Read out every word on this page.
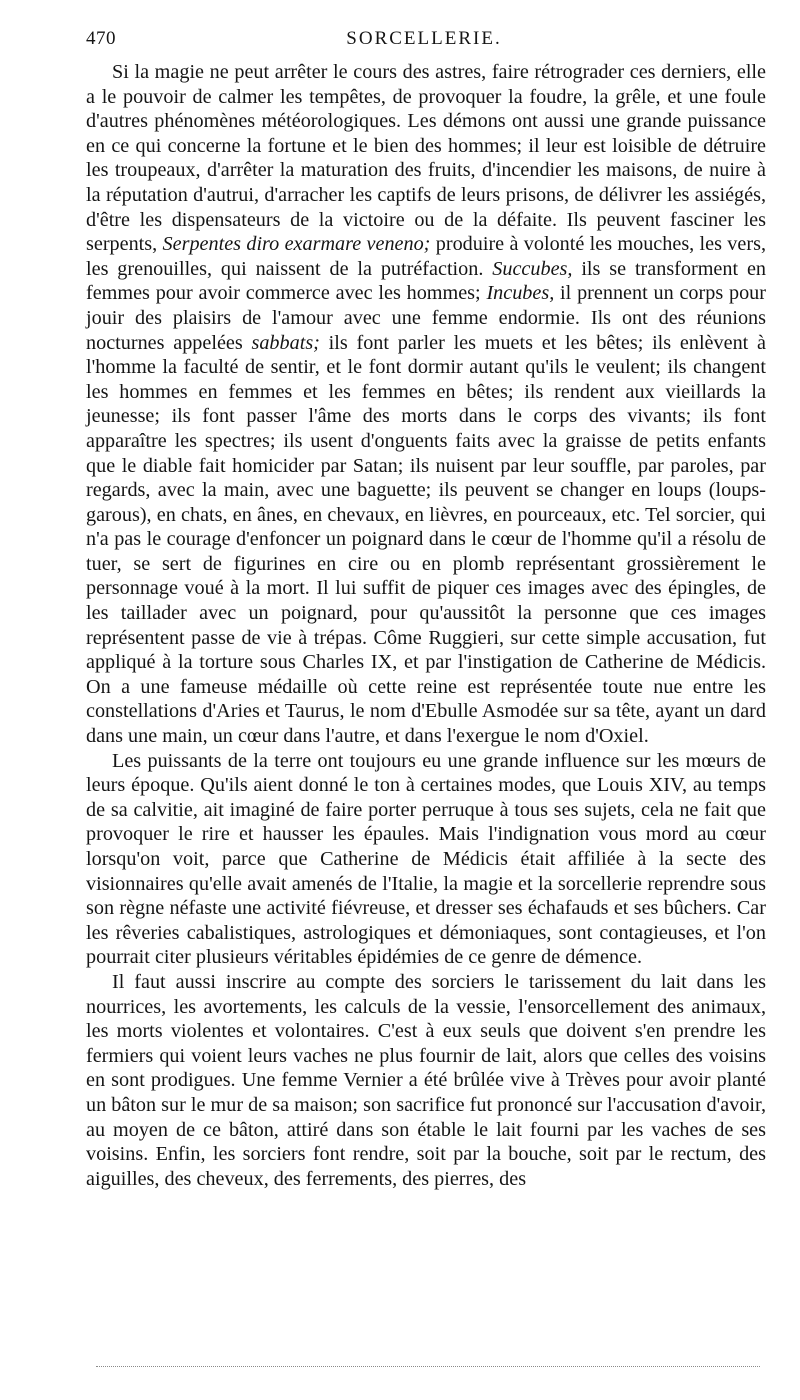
470	SORCELLERIE.

Si la magie ne peut arrêter le cours des astres, faire rétrograder ces derniers, elle a le pouvoir de calmer les tempêtes, de provoquer la foudre, la grêle, et une foule d'autres phénomènes météorologiques. Les démons ont aussi une grande puissance en ce qui concerne la fortune et le bien des hommes; il leur est loisible de détruire les troupeaux, d'arrêter la maturation des fruits, d'incendier les maisons, de nuire à la réputation d'autrui, d'arracher les captifs de leurs prisons, de délivrer les assiégés, d'être les dispensateurs de la victoire ou de la défaite. Ils peuvent fasciner les serpents, Serpentes diro exarmare veneno; produire à volonté les mouches, les vers, les grenouilles, qui naissent de la putréfaction. Succubes, ils se transforment en femmes pour avoir commerce avec les hommes; Incubes, il prennent un corps pour jouir des plaisirs de l'amour avec une femme endormie. Ils ont des réunions nocturnes appelées sabbats; ils font parler les muets et les bêtes; ils enlèvent à l'homme la faculté de sentir, et le font dormir autant qu'ils le veulent; ils changent les hommes en femmes et les femmes en bêtes; ils rendent aux vieillards la jeunesse; ils font passer l'âme des morts dans le corps des vivants; ils font apparaître les spectres; ils usent d'onguents faits avec la graisse de petits enfants que le diable fait homicider par Satan; ils nuisent par leur souffle, par paroles, par regards, avec la main, avec une baguette; ils peuvent se changer en loups (loups-garous), en chats, en ânes, en chevaux, en lièvres, en pourceaux, etc. Tel sorcier, qui n'a pas le courage d'enfoncer un poignard dans le cœur de l'homme qu'il a résolu de tuer, se sert de figurines en cire ou en plomb représentant grossièrement le personnage voué à la mort. Il lui suffit de piquer ces images avec des épingles, de les taillader avec un poignard, pour qu'aussitôt la personne que ces images représentent passe de vie à trépas. Côme Ruggieri, sur cette simple accusation, fut appliqué à la torture sous Charles IX, et par l'instigation de Catherine de Médicis. On a une fameuse médaille où cette reine est représentée toute nue entre les constellations d'Aries et Taurus, le nom d'Ebulle Asmodée sur sa tête, ayant un dard dans une main, un cœur dans l'autre, et dans l'exergue le nom d'Oxiel.

Les puissants de la terre ont toujours eu une grande influence sur les mœurs de leurs époque. Qu'ils aient donné le ton à certaines modes, que Louis XIV, au temps de sa calvitie, ait imaginé de faire porter perruque à tous ses sujets, cela ne fait que provoquer le rire et hausser les épaules. Mais l'indignation vous mord au cœur lorsqu'on voit, parce que Catherine de Médicis était affiliée à la secte des visionnaires qu'elle avait amenés de l'Italie, la magie et la sorcellerie reprendre sous son règne néfaste une activité fiévreuse, et dresser ses échafauds et ses bûchers. Car les rêveries cabalistiques, astrologiques et démoniaques, sont contagieuses, et l'on pourrait citer plusieurs véritables épidémies de ce genre de démence.

Il faut aussi inscrire au compte des sorciers le tarissement du lait dans les nourrices, les avortements, les calculs de la vessie, l'ensorcellement des animaux, les morts violentes et volontaires. C'est à eux seuls que doivent s'en prendre les fermiers qui voient leurs vaches ne plus fournir de lait, alors que celles des voisins en sont prodigues. Une femme Vernier a été brûlée vive à Trèves pour avoir planté un bâton sur le mur de sa maison; son sacrifice fut prononcé sur l'accusation d'avoir, au moyen de ce bâton, attiré dans son étable le lait fourni par les vaches de ses voisins. Enfin, les sorciers font rendre, soit par la bouche, soit par le rectum, des aiguilles, des cheveux, des ferrements, des pierres, des
